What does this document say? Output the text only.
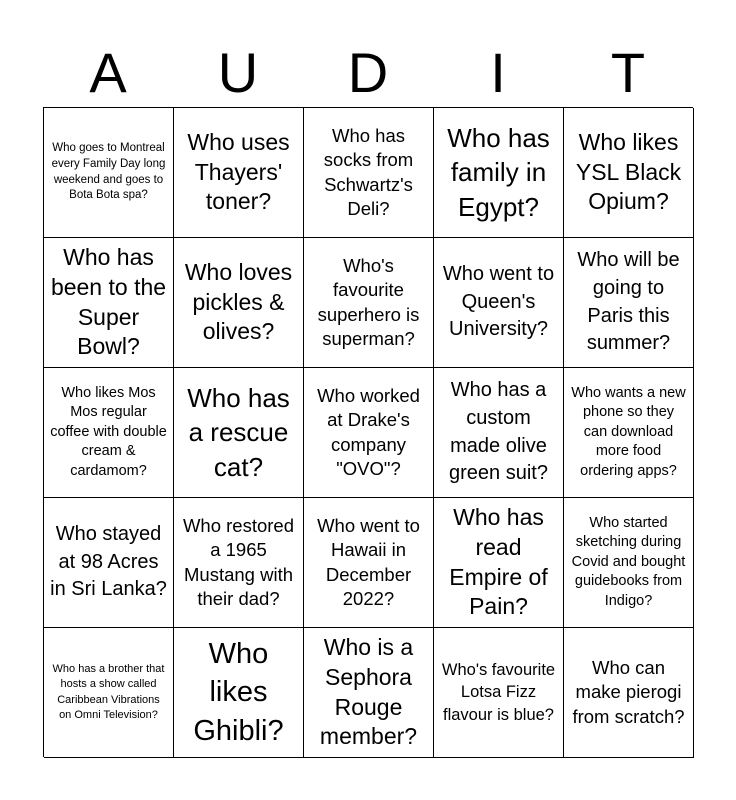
A	U	D	I	T
Who goes to Montreal every Family Day long weekend and goes to Bota Bota spa?
Who uses Thayers' toner?
Who has socks from Schwartz's Deli?
Who has family in Egypt?
Who likes YSL Black Opium?
Who has been to the Super Bowl?
Who loves pickles & olives?
Who's favourite superhero is superman?
Who went to Queen's University?
Who will be going to Paris this summer?
Who likes Mos Mos regular coffee with double cream & cardamom?
Who has a rescue cat?
Who worked at Drake's company "OVO"?
Who has a custom made olive green suit?
Who wants a new phone so they can download more food ordering apps?
Who stayed at 98 Acres in Sri Lanka?
Who restored a 1965 Mustang with their dad?
Who went to Hawaii in December 2022?
Who has read Empire of Pain?
Who started sketching during Covid and bought guidebooks from Indigo?
Who has a brother that hosts a show called Caribbean Vibrations on Omni Television?
Who likes Ghibli?
Who is a Sephora Rouge member?
Who's favourite Lotsa Fizz flavour is blue?
Who can make pierogi from scratch?
